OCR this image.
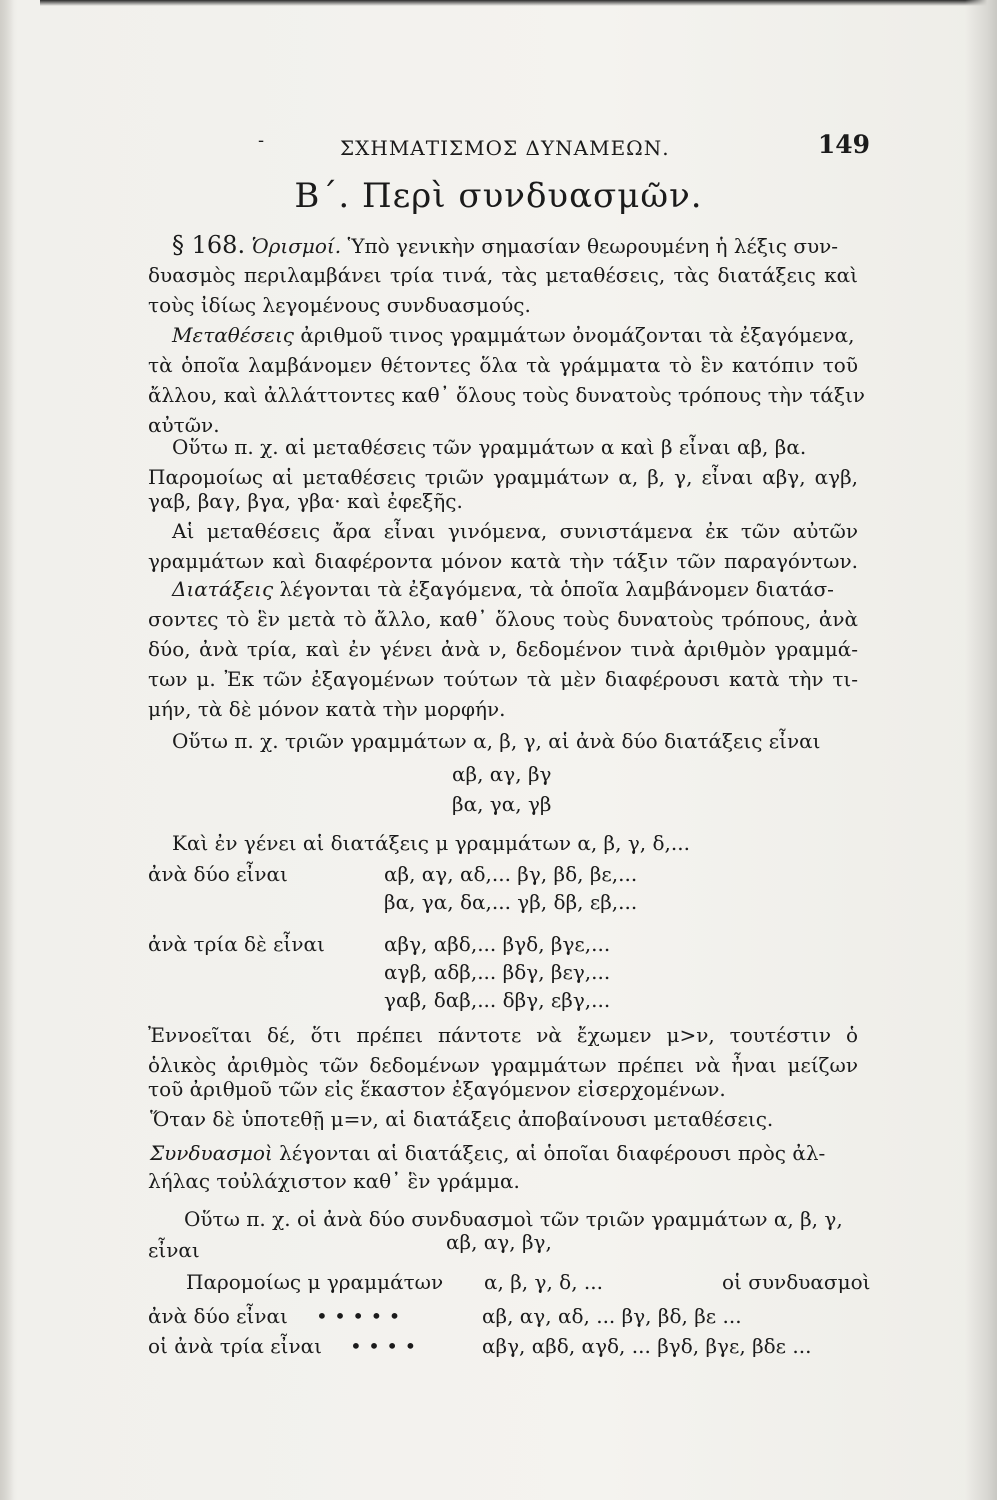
-	ΣΧΗΜΑΤΙΣΜΟΣ ΔΥΝΑΜΕΩΝ.	149
Β΄. Περὶ συνδυασμῶν.
§ 168. Ὁρισμοί. Ὑπὸ γενικὴν σημασίαν θεωρουμένη ἡ λέξις συν-
δυασμὸς περιλαμβάνει τρία τινά, τὰς μεταθέσεις, τὰς διατάξεις καὶ
τοὺς ἰδίως λεγομένους συνδυασμούς.
Μεταθέσεις ἀριθμοῦ τινος γραμμάτων ὀνομάζονται τὰ ἐξαγόμενα,
τὰ ὁποῖα λαμβάνομεν θέτοντες ὅλα τὰ γράμματα τὸ ἓν κατόπιν τοῦ
ἄλλου, καὶ ἀλλάττοντες καθ᾽ ὅλους τοὺς δυνατοὺς τρόπους τὴν τάξιν
αὐτῶν.
Οὕτω π. χ. αἱ μεταθέσεις τῶν γραμμάτων α καὶ β εἶναι αβ, βα.
Παρομοίως αἱ μεταθέσεις τριῶν γραμμάτων α, β, γ, εἶναι αβγ, αγβ,
γαβ, βαγ, βγα, γβα· καὶ ἐφεξῆς.
Αἱ μεταθέσεις ἄρα εἶναι γινόμενα, συνιστάμενα ἐκ τῶν αὐτῶν
γραμμάτων καὶ διαφέροντα μόνον κατὰ τὴν τάξιν τῶν παραγόντων.
Διατάξεις λέγονται τὰ ἐξαγόμενα, τὰ ὁποῖα λαμβάνομεν διατάσ-
σοντες τὸ ἓν μετὰ τὸ ἄλλο, καθ᾽ ὅλους τοὺς δυνατοὺς τρόπους, ἀνὰ
δύο, ἀνὰ τρία, καὶ ἐν γένει ἀνὰ ν, δεδομένον τινὰ ἀριθμὸν γραμμά-
των μ. Ἐκ τῶν ἐξαγομένων τούτων τὰ μὲν διαφέρουσι κατὰ τὴν τι-
μήν, τὰ δὲ μόνον κατὰ τὴν μορφήν.
Οὕτω π. χ. τριῶν γραμμάτων α, β, γ, αἱ ἀνὰ δύο διατάξεις εἶναι
αβ, αγ, βγ
βα, γα, γβ
Καὶ ἐν γένει αἱ διατάξεις μ γραμμάτων α, β, γ, δ,...
ἀνὰ δύο εἶναι	αβ, αγ, αδ,... βγ, βδ, βε,...
βα, γα, δα,... γβ, δβ, εβ,...
ἀνὰ τρία δὲ εἶναι	αβγ, αβδ,... βγδ, βγε,...
αγβ, αδβ,... βδγ, βεγ,...
γαβ, δαβ,... δβγ, εβγ,...
Ἐννοεῖται δέ, ὅτι πρέπει πάντοτε νὰ ἔχωμεν μ>ν, τουτέστιν ὁ
ὁλικὸς ἀριθμὸς τῶν δεδομένων γραμμάτων πρέπει νὰ ἦναι μείζων
τοῦ ἀριθμοῦ τῶν εἰς ἕκαστον ἐξαγόμενον εἰσερχομένων.
Ὅταν δὲ ὑποτεθῇ μ=ν, αἱ διατάξεις ἀποβαίνουσι μεταθέσεις.
Συνδυασμοὶ λέγονται αἱ διατάξεις, αἱ ὁποῖαι διαφέρουσι πρὸς ἀλ-
λήλας τοὐλάχιστον καθ᾽ ἓν γράμμα.
Οὕτω π. χ. οἱ ἀνὰ δύο συνδυασμοὶ τῶν τριῶν γραμμάτων α, β, γ,
εἶναι	αβ, αγ, βγ,
Παρομοίως μ γραμμάτων α, β, γ, δ, ...	οἱ συνδυασμοὶ
ἀνὰ δύο εἶναι • • • • •	αβ, αγ, αδ, ... βγ, βδ, βε ...
οἱ ἀνὰ τρία εἶναι • • • •	αβγ, αβδ, αγδ, ... βγδ, βγε, βδε ...
